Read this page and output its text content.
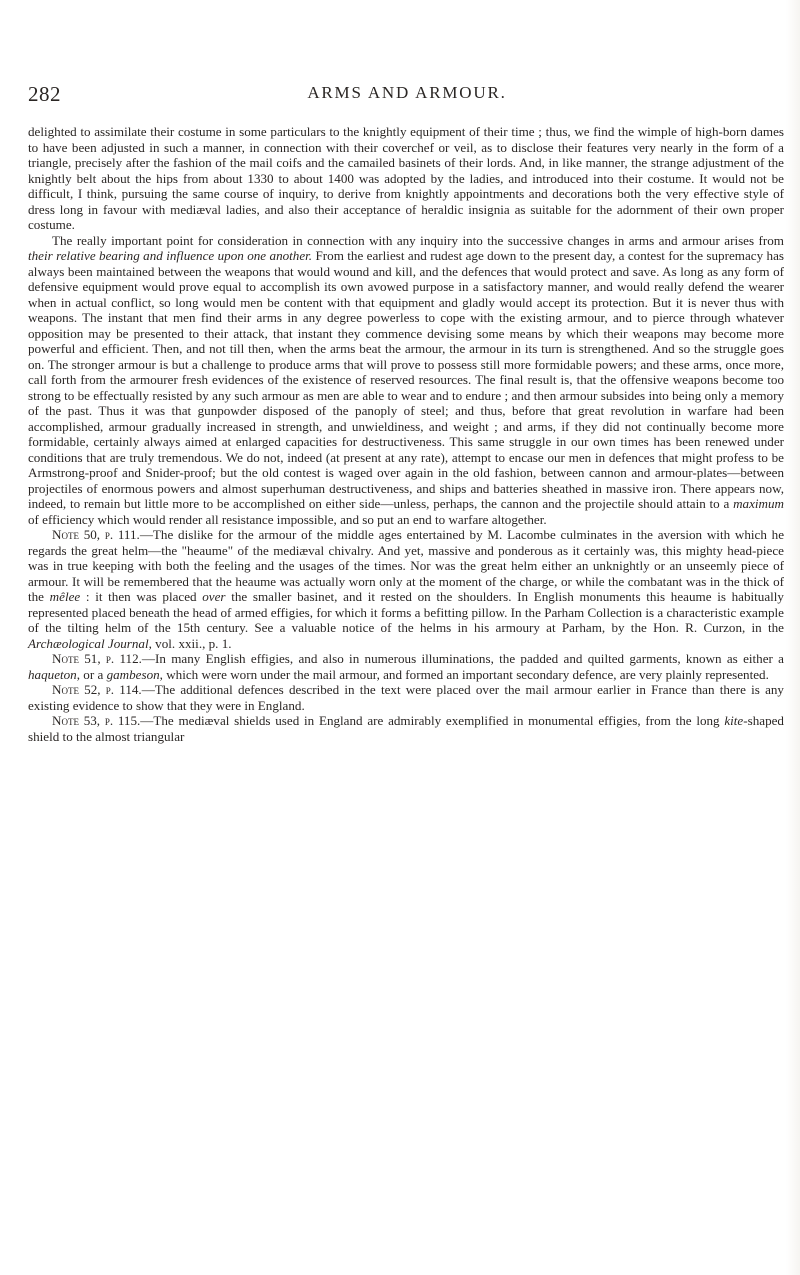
282	ARMS AND ARMOUR.

delighted to assimilate their costume in some particulars to the knightly equipment of their time ; thus, we find the wimple of high-born dames to have been adjusted in such a manner, in connection with their coverchef or veil, as to disclose their features very nearly in the form of a triangle, precisely after the fashion of the mail coifs and the camailed basinets of their lords. And, in like manner, the strange adjustment of the knightly belt about the hips from about 1330 to about 1400 was adopted by the ladies, and introduced into their costume. It would not be difficult, I think, pursuing the same course of inquiry, to derive from knightly appointments and decorations both the very effective style of dress long in favour with mediæval ladies, and also their acceptance of heraldic insignia as suitable for the adornment of their own proper costume.

The really important point for consideration in connection with any inquiry into the successive changes in arms and armour arises from their relative bearing and influence upon one another. From the earliest and rudest age down to the present day, a contest for the supremacy has always been maintained between the weapons that would wound and kill, and the defences that would protect and save. As long as any form of defensive equipment would prove equal to accomplish its own avowed purpose in a satisfactory manner, and would really defend the wearer when in actual conflict, so long would men be content with that equipment and gladly would accept its protection. But it is never thus with weapons. The instant that men find their arms in any degree powerless to cope with the existing armour, and to pierce through whatever opposition may be presented to their attack, that instant they commence devising some means by which their weapons may become more powerful and efficient. Then, and not till then, when the arms beat the armour, the armour in its turn is strengthened. And so the struggle goes on. The stronger armour is but a challenge to produce arms that will prove to possess still more formidable powers; and these arms, once more, call forth from the armourer fresh evidences of the existence of reserved resources. The final result is, that the offensive weapons become too strong to be effectually resisted by any such armour as men are able to wear and to endure ; and then armour subsides into being only a memory of the past. Thus it was that gunpowder disposed of the panoply of steel; and thus, before that great revolution in warfare had been accomplished, armour gradually increased in strength, and unwieldiness, and weight ; and arms, if they did not continually become more formidable, certainly always aimed at enlarged capacities for destructiveness. This same struggle in our own times has been renewed under conditions that are truly tremendous. We do not, indeed (at present at any rate), attempt to encase our men in defences that might profess to be Armstrong-proof and Snider-proof; but the old contest is waged over again in the old fashion, between cannon and armour-plates—between projectiles of enormous powers and almost superhuman destructiveness, and ships and batteries sheathed in massive iron. There appears now, indeed, to remain but little more to be accomplished on either side—unless, perhaps, the cannon and the projectile should attain to a maximum of efficiency which would render all resistance impossible, and so put an end to warfare altogether.

Note 50, p. 111.—The dislike for the armour of the middle ages entertained by M. Lacombe culminates in the aversion with which he regards the great helm—the "heaume" of the mediæval chivalry. And yet, massive and ponderous as it certainly was, this mighty head-piece was in true keeping with both the feeling and the usages of the times. Nor was the great helm either an unknightly or an unseemly piece of armour. It will be remembered that the heaume was actually worn only at the moment of the charge, or while the combatant was in the thick of the mêlee : it then was placed over the smaller basinet, and it rested on the shoulders. In English monuments this heaume is habitually represented placed beneath the head of armed effigies, for which it forms a befitting pillow. In the Parham Collection is a characteristic example of the tilting helm of the 15th century. See a valuable notice of the helms in his armoury at Parham, by the Hon. R. Curzon, in the Archæological Journal, vol. xxii., p. 1.

Note 51, p. 112.—In many English effigies, and also in numerous illuminations, the padded and quilted garments, known as either a haqueton, or a gambeson, which were worn under the mail armour, and formed an important secondary defence, are very plainly represented.

Note 52, p. 114.—The additional defences described in the text were placed over the mail armour earlier in France than there is any existing evidence to show that they were in England.

Note 53, p. 115.—The mediæval shields used in England are admirably exemplified in monumental effigies, from the long kite-shaped shield to the almost triangular
